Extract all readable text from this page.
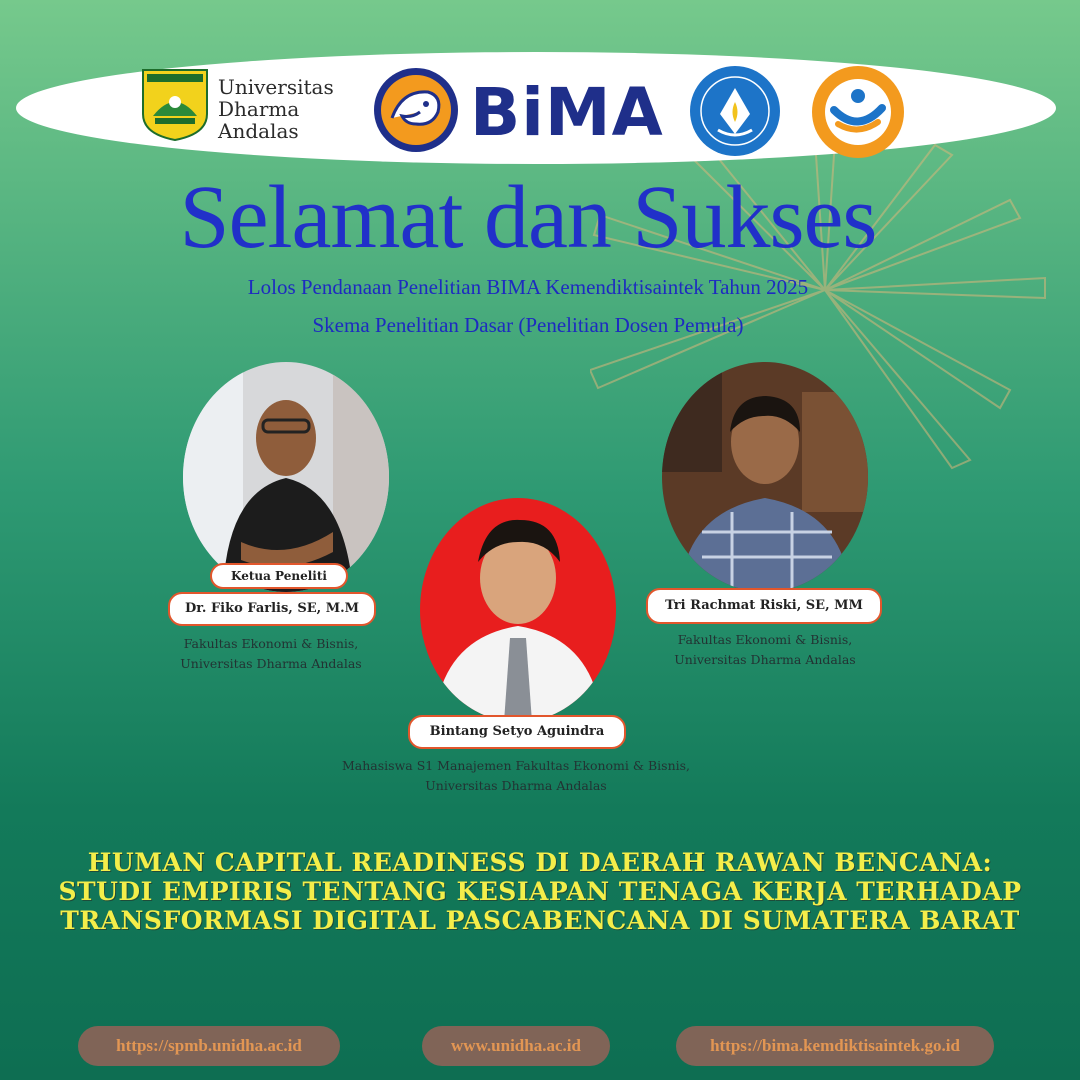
Universitas
Dharma
Andalas	BiMA
Selamat dan Sukses
Lolos Pendanaan Penelitian BIMA Kemendiktisaintek Tahun 2025
Skema Penelitian Dasar (Penelitian Dosen Pemula)
Ketua Peneliti
Dr. Fiko Farlis, SE, M.M
Fakultas Ekonomi & Bisnis,
Universitas Dharma Andalas
Bintang Setyo Aguindra
Mahasiswa S1 Manajemen Fakultas Ekonomi & Bisnis,
Universitas Dharma Andalas
Tri Rachmat Riski, SE, MM
Fakultas Ekonomi & Bisnis,
Universitas Dharma Andalas
HUMAN CAPITAL READINESS DI DAERAH RAWAN BENCANA:
STUDI EMPIRIS TENTANG KESIAPAN TENAGA KERJA TERHADAP
TRANSFORMASI DIGITAL PASCABENCANA DI SUMATERA BARAT
https://spmb.unidha.ac.id	www.unidha.ac.id	https://bima.kemdiktisaintek.go.id
